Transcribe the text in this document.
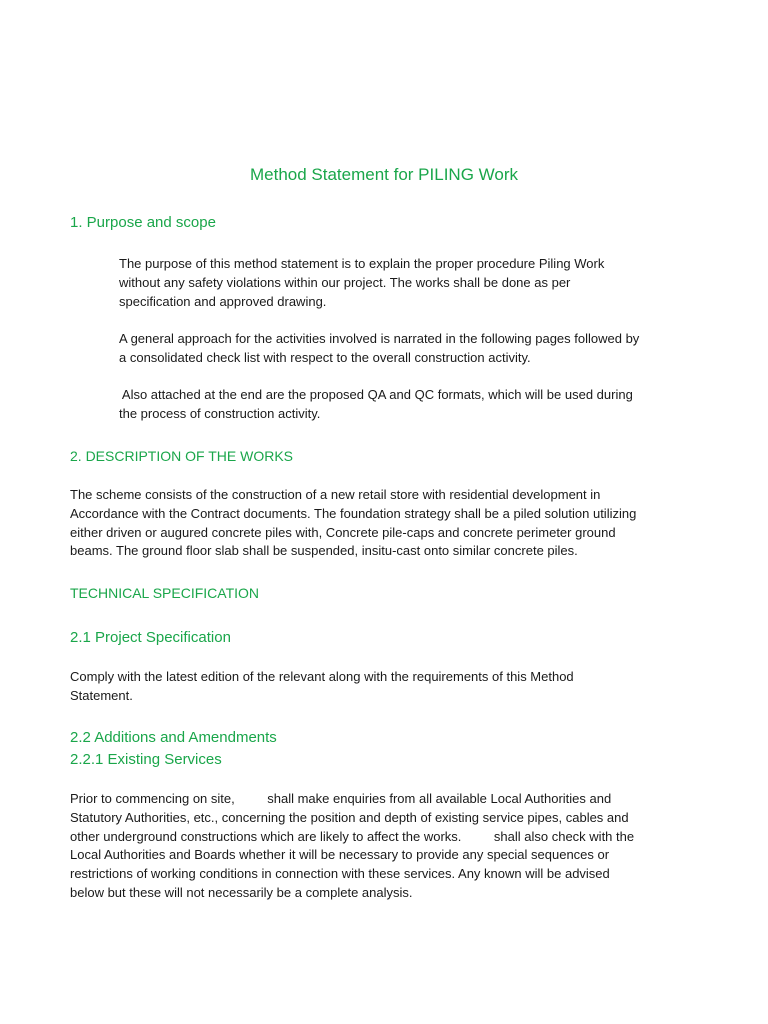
Method Statement for PILING Work
1. Purpose and scope

The purpose of this method statement is to explain the proper procedure Piling Work
without any safety violations within our project. The works shall be done as per
specification and approved drawing.

A general approach for the activities involved is narrated in the following pages followed by
a consolidated check list with respect to the overall construction activity.

Also attached at the end are the proposed QA and QC formats, which will be used during
the process of construction activity.

2. DESCRIPTION OF THE WORKS

The scheme consists of the construction of a new retail store with residential development in
Accordance with the Contract documents. The foundation strategy shall be a piled solution utilizing
either driven or augured concrete piles with, Concrete pile-caps and concrete perimeter ground
beams. The ground floor slab shall be suspended, insitu-cast onto similar concrete piles.

TECHNICAL SPECIFICATION
2.1 Project Specification

Comply with the latest edition of the relevant along with the requirements of this Method
Statement.

2.2 Additions and Amendments
2.2.1 Existing Services

Prior to commencing on site,         shall make enquiries from all available Local Authorities and
Statutory Authorities, etc., concerning the position and depth of existing service pipes, cables and
other underground constructions which are likely to affect the works.         shall also check with the
Local Authorities and Boards whether it will be necessary to provide any special sequences or
restrictions of working conditions in connection with these services. Any known will be advised
below but these will not necessarily be a complete analysis.
